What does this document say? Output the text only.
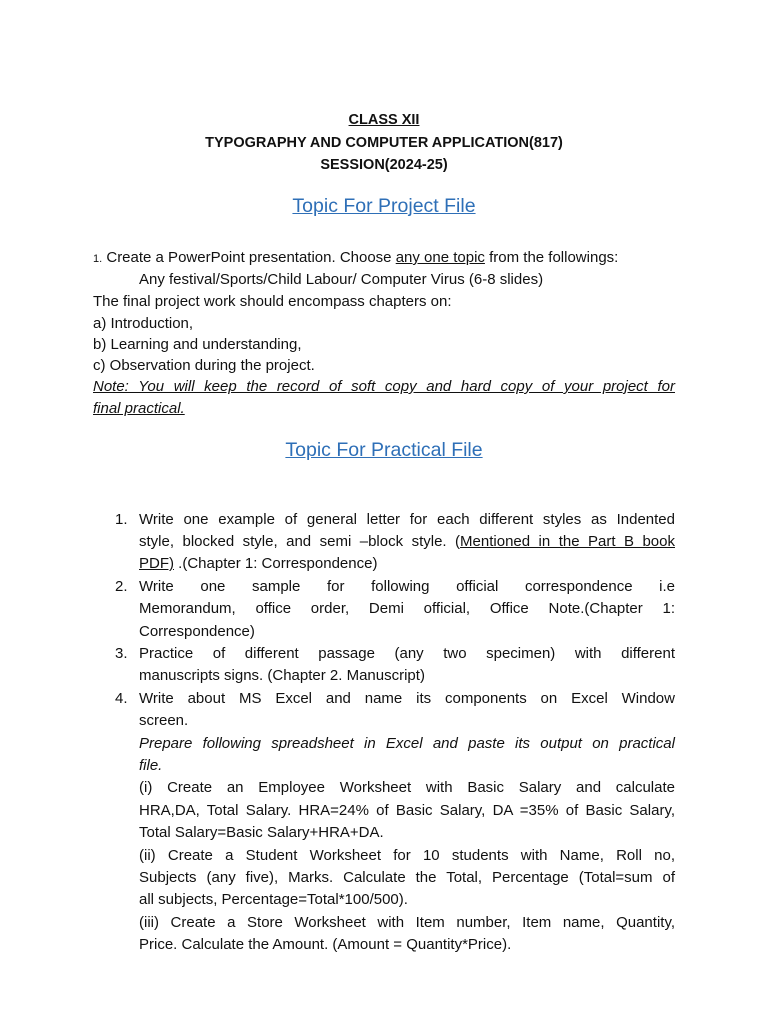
CLASS XII
TYPOGRAPHY AND COMPUTER APPLICATION(817)
SESSION(2024-25)
Topic For Project File
1. Create a PowerPoint presentation. Choose any one topic from the followings:
Any festival/Sports/Child Labour/ Computer Virus (6-8 slides)
The final project work should encompass chapters on:
a) Introduction,
b) Learning and understanding,
c) Observation during the project.
Note: You will keep the record of soft copy and hard copy of your project for
final practical.
Topic For Practical File
1. Write one example of general letter for each different styles as Indented
style, blocked style, and semi –block style. (Mentioned in the Part B book
PDF) .(Chapter 1: Correspondence)
2. Write one sample for following official correspondence i.e
Memorandum, office order, Demi official, Office Note.(Chapter 1:
Correspondence)
3. Practice of different passage (any two specimen) with different
manuscripts signs. (Chapter 2. Manuscript)
4. Write about MS Excel and name its components on Excel Window
screen.
Prepare following spreadsheet in Excel and paste its output on practical
file.
(i) Create an Employee Worksheet with Basic Salary and calculate
HRA,DA, Total Salary. HRA=24% of Basic Salary, DA =35% of Basic Salary,
Total Salary=Basic Salary+HRA+DA.
(ii) Create a Student Worksheet for 10 students with Name, Roll no,
Subjects (any five), Marks. Calculate the Total, Percentage (Total=sum of
all subjects, Percentage=Total*100/500).
(iii) Create a Store Worksheet with Item number, Item name, Quantity,
Price. Calculate the Amount. (Amount = Quantity*Price).
